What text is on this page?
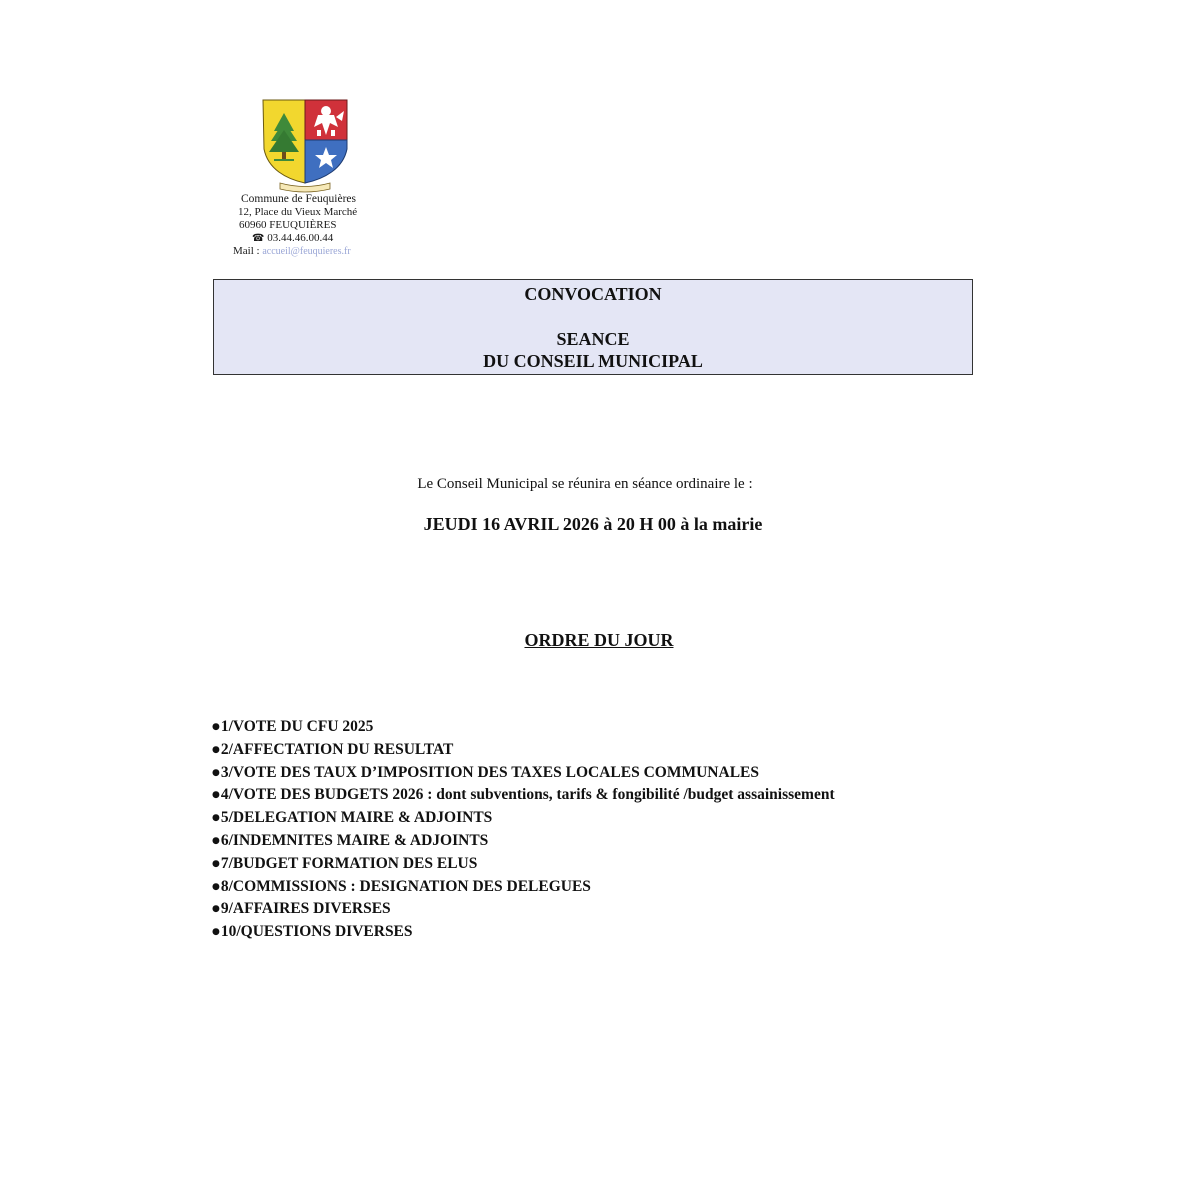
Commune de Feuquières
12, Place du Vieux Marché
60960 FEUQUIÈRES
☎ 03.44.46.00.44
Mail : accueil@feuquieres.fr
CONVOCATION
SEANCE
DU CONSEIL MUNICIPAL
Le Conseil Municipal se réunira en séance ordinaire le :
JEUDI 16 AVRIL 2026 à 20 H 00 à la mairie
ORDRE DU JOUR
●1/VOTE DU CFU 2025
●2/AFFECTATION DU RESULTAT
●3/VOTE DES TAUX D’IMPOSITION DES TAXES LOCALES COMMUNALES
●4/VOTE DES BUDGETS 2026 : dont subventions, tarifs & fongibilité /budget assainissement
●5/DELEGATION MAIRE & ADJOINTS
●6/INDEMNITES MAIRE & ADJOINTS
●7/BUDGET FORMATION DES ELUS
●8/COMMISSIONS : DESIGNATION DES DELEGUES
●9/AFFAIRES DIVERSES
●10/QUESTIONS DIVERSES
